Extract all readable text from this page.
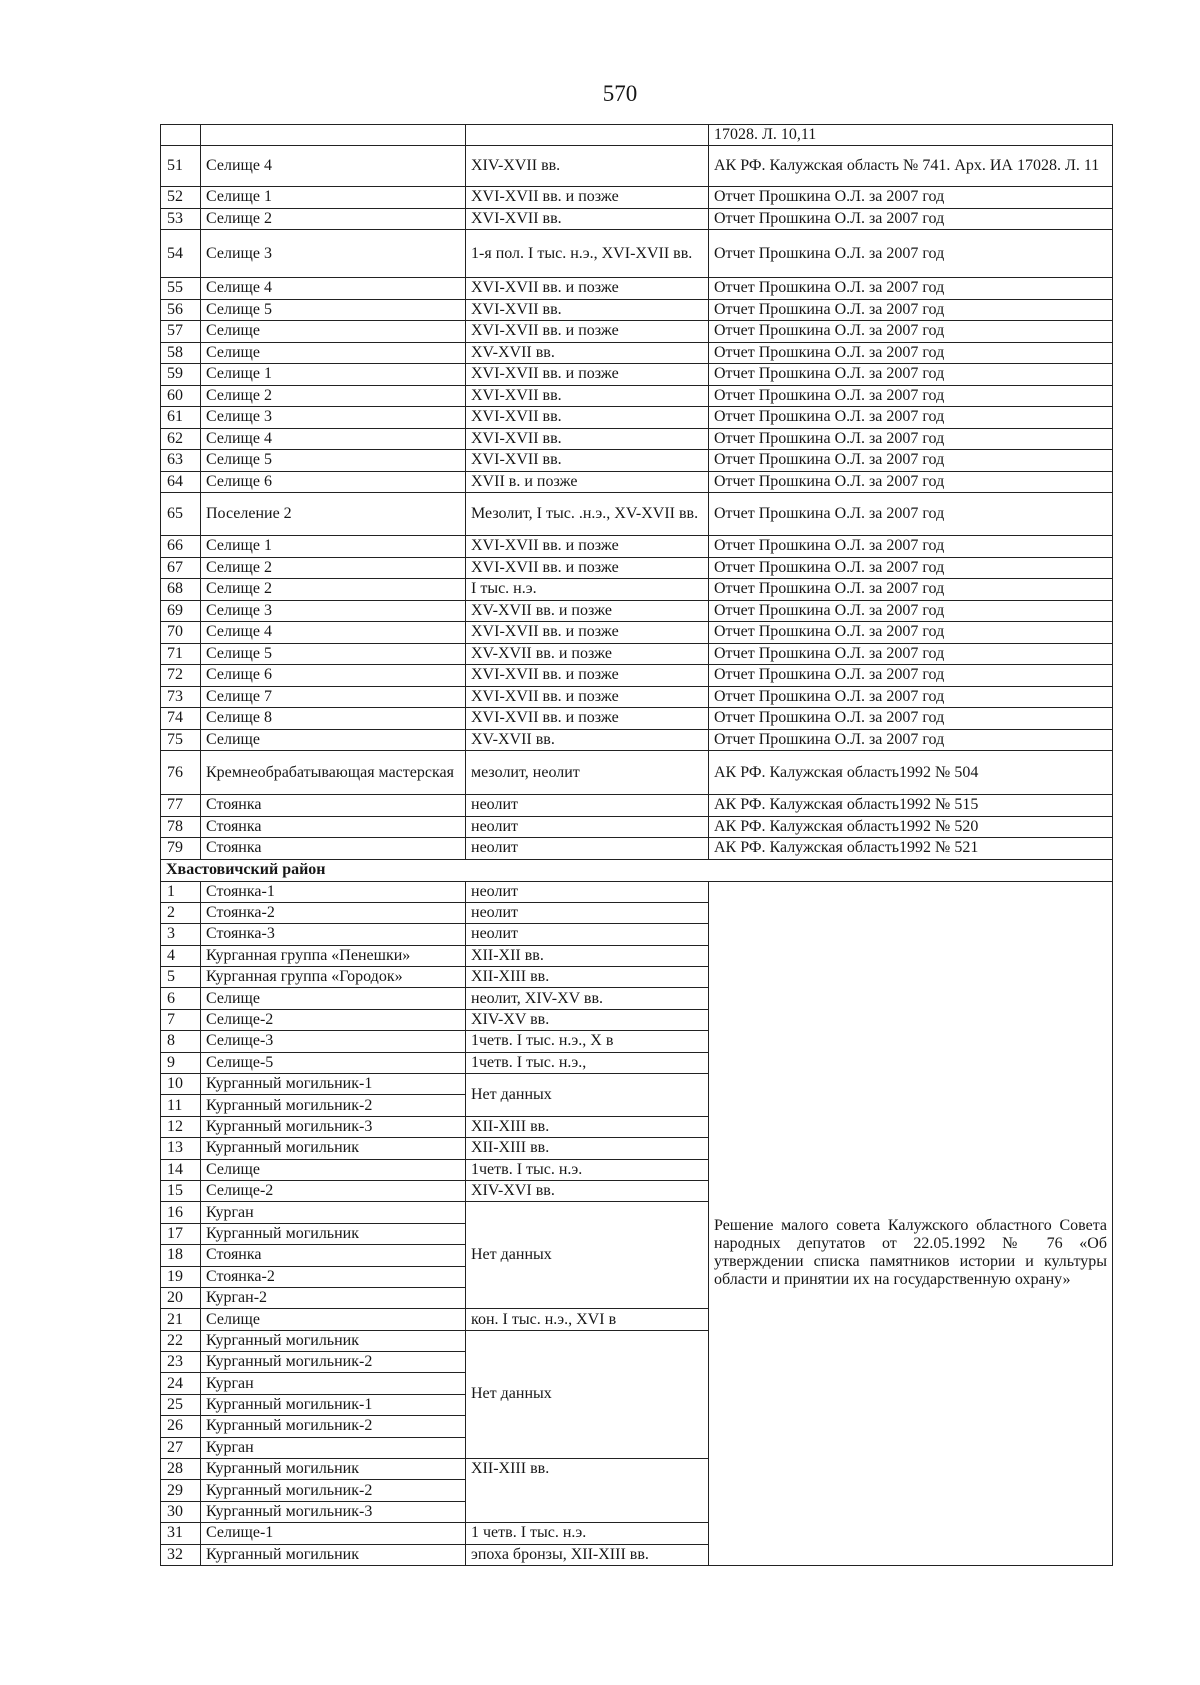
570
			17028. Л. 10,11
51	Селище 4	XIV-XVII вв.	АК РФ. Калужская область № 741. Арх. ИА 17028. Л. 11
52	Селище 1	XVI-XVII вв. и позже	Отчет Прошкина О.Л. за 2007 год
53	Селище 2	XVI-XVII вв.	Отчет Прошкина О.Л. за 2007 год
54	Селище 3	1-я пол. I тыс. н.э., XVI-XVII вв.	Отчет Прошкина О.Л. за 2007 год
55	Селище 4	XVI-XVII вв. и позже	Отчет Прошкина О.Л. за 2007 год
56	Селище 5	XVI-XVII вв.	Отчет Прошкина О.Л. за 2007 год
57	Селище	XVI-XVII вв. и позже	Отчет Прошкина О.Л. за 2007 год
58	Селище	XV-XVII вв.	Отчет Прошкина О.Л. за 2007 год
59	Селище 1	XVI-XVII вв. и позже	Отчет Прошкина О.Л. за 2007 год
60	Селище 2	XVI-XVII вв.	Отчет Прошкина О.Л. за 2007 год
61	Селище 3	XVI-XVII вв.	Отчет Прошкина О.Л. за 2007 год
62	Селище 4	XVI-XVII вв.	Отчет Прошкина О.Л. за 2007 год
63	Селище 5	XVI-XVII вв.	Отчет Прошкина О.Л. за 2007 год
64	Селище 6	XVII в. и позже	Отчет Прошкина О.Л. за 2007 год
65	Поселение 2	Мезолит, I тыс. .н.э., XV-XVII вв.	Отчет Прошкина О.Л. за 2007 год
66	Селище 1	XVI-XVII вв. и позже	Отчет Прошкина О.Л. за 2007 год
67	Селище 2	XVI-XVII вв. и позже	Отчет Прошкина О.Л. за 2007 год
68	Селище 2	I тыс. н.э.	Отчет Прошкина О.Л. за 2007 год
69	Селище 3	XV-XVII вв. и позже	Отчет Прошкина О.Л. за 2007 год
70	Селище 4	XVI-XVII вв. и позже	Отчет Прошкина О.Л. за 2007 год
71	Селище 5	XV-XVII вв. и позже	Отчет Прошкина О.Л. за 2007 год
72	Селище 6	XVI-XVII вв. и позже	Отчет Прошкина О.Л. за 2007 год
73	Селище 7	XVI-XVII вв. и позже	Отчет Прошкина О.Л. за 2007 год
74	Селище 8	XVI-XVII вв. и позже	Отчет Прошкина О.Л. за 2007 год
75	Селище	XV-XVII вв.	Отчет Прошкина О.Л. за 2007 год
76	Кремнеобрабатывающая мастерская	мезолит, неолит	АК РФ. Калужская область1992 № 504
77	Стоянка	неолит	АК РФ. Калужская область1992 № 515
78	Стоянка	неолит	АК РФ. Калужская область1992 № 520
79	Стоянка	неолит	АК РФ. Калужская область1992 № 521
Хвастовичский район			
1	Стоянка-1	неолит	Решение малого совета Калужского областного Совета народных депутатов от 22.05.1992 № 76 «Об утверждении списка памятников истории и культуры области и принятии их на государственную охрану»
2	Стоянка-2	неолит	
3	Стоянка-3	неолит	
4	Курганная группа «Пенешки»	XII-XII вв.	
5	Курганная группа «Городок»	XII-XIII вв.	
6	Селище	неолит, XIV-XV вв.	
7	Селище-2	XIV-XV вв.	
8	Селище-3	1четв. I тыс. н.э., X в	
9	Селище-5	1четв. I тыс. н.э.,	
10	Курганный могильник-1	Нет данных	
11	Курганный могильник-2		
12	Курганный могильник-3	XII-XIII вв.	
13	Курганный могильник	XII-XIII вв.	
14	Селище	1четв. I тыс. н.э.	
15	Селище-2	XIV-XVI вв.	
16	Курган	Нет данных	
17	Курганный могильник		
18	Стоянка		
19	Стоянка-2		
20	Курган-2		
21	Селище	кон. I тыс. н.э., XVI в	
22	Курганный могильник	Нет данных	
23	Курганный могильник-2		
24	Курган		
25	Курганный могильник-1		
26	Курганный могильник-2		
27	Курган		
28	Курганный могильник	XII-XIII вв.	
29	Курганный могильник-2		
30	Курганный могильник-3		
31	Селище-1	1 четв. I тыс. н.э.	
32	Курганный могильник	эпоха бронзы, XII-XIII вв.	
